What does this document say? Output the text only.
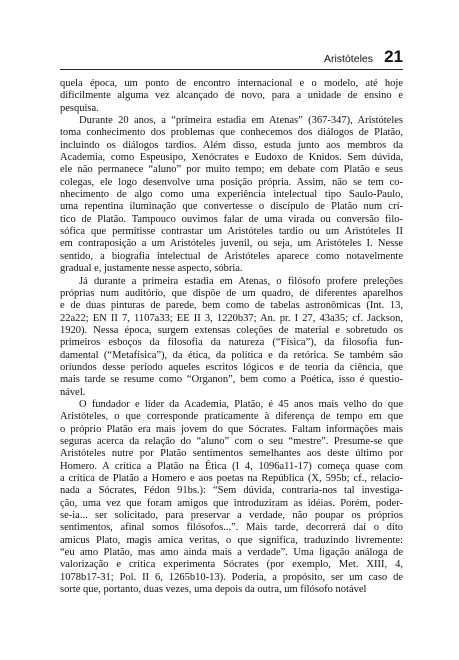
Aristóteles 21
quela época, um ponto de encontro internacional e o modelo, até hoje
dificilmente alguma vez alcançado de novo, para a unidade de ensino e
pesquisa.
Durante 20 anos, a “primeira estadia em Atenas” (367-347), Aristóteles
toma conhecimento dos problemas que conhecemos dos diálogos de Platão,
incluindo os diálogos tardios. Além disso, estuda junto aos membros da
Academia, como Espeusipo, Xenócrates e Eudoxo de Knidos. Sem dúvida,
ele não permanece “aluno” por muito tempo; em debate com Platão e seus
colegas, ele logo desenvolve uma posição própria. Assim, não se tem co-
nhecimento de algo como uma experiência intelectual tipo Saulo-Paulo,
uma repentina iluminação que convertesse o discípulo de Platão num crí-
tico de Platão. Tampouco ouvimos falar de uma virada ou conversão filo-
sófica que permitisse contrastar um Aristóteles tardio ou um Aristóteles II
em contraposição a um Aristóteles juvenil, ou seja, um Aristóteles I. Nesse
sentido, a biografia intelectual de Aristóteles aparece como notavelmente
gradual e, justamente nesse aspecto, sóbria.
Já durante a primeira estadia em Atenas, o filósofo profere preleções
próprias num auditório, que dispõe de um quadro, de diferentes aparelhos
e de duas pinturas de parede, bem como de tabelas astronômicas (Int. 13,
22a22; EN II 7, 1107a33; EE II 3, 1220b37; An. pr. I 27, 43a35; cf. Jackson,
1920). Nessa época, surgem extensas coleções de material e sobretudo os
primeiros esboços da filosofia da natureza (“Física”), da filosofia fun-
damental (“Metafísica”), da ética, da política e da retórica. Se também são
oriundos desse período aqueles escritos lógicos e de teoria da ciência, que
mais tarde se resume como “Organon”, bem como a Poética, isso é questio-
nável.
O fundador e líder da Academia, Platão, é 45 anos mais velho do que
Aristóteles, o que corresponde praticamente à diferença de tempo em que
o próprio Platão era mais jovem do que Sócrates. Faltam informações mais
seguras acerca da relação do “aluno” com o seu “mestre”. Presume-se que
Aristóteles nutre por Platão sentimentos semelhantes aos deste último por
Homero. A crítica a Platão na Ética (I 4, 1096a11-17) começa quase com
a crítica de Platão a Homero e aos poetas na República (X, 595b; cf., relacio-
nada a Sócrates, Fédon 91bs.): “Sem dúvida, contraria-nos tal investiga-
ção, uma vez que foram amigos que introduziram as idéias. Porém, poder-
se-ia... ser solicitado, para preservar a verdade, não poupar os próprios
sentimentos, afinal somos filósofos...”. Mais tarde, decorrerá daí o dito
amicus Plato, magis amica veritas, o que significa, traduzindo livremente:
“eu amo Platão, mas amo ainda mais a verdade”. Uma ligação análoga de
valorização e crítica experimenta Sócrates (por exemplo, Met. XIII, 4,
1078b17-31; Pol. II 6, 1265b10-13). Poderia, a propósito, ser um caso de
sorte que, portanto, duas vezes, uma depois da outra, um filósofo notável
